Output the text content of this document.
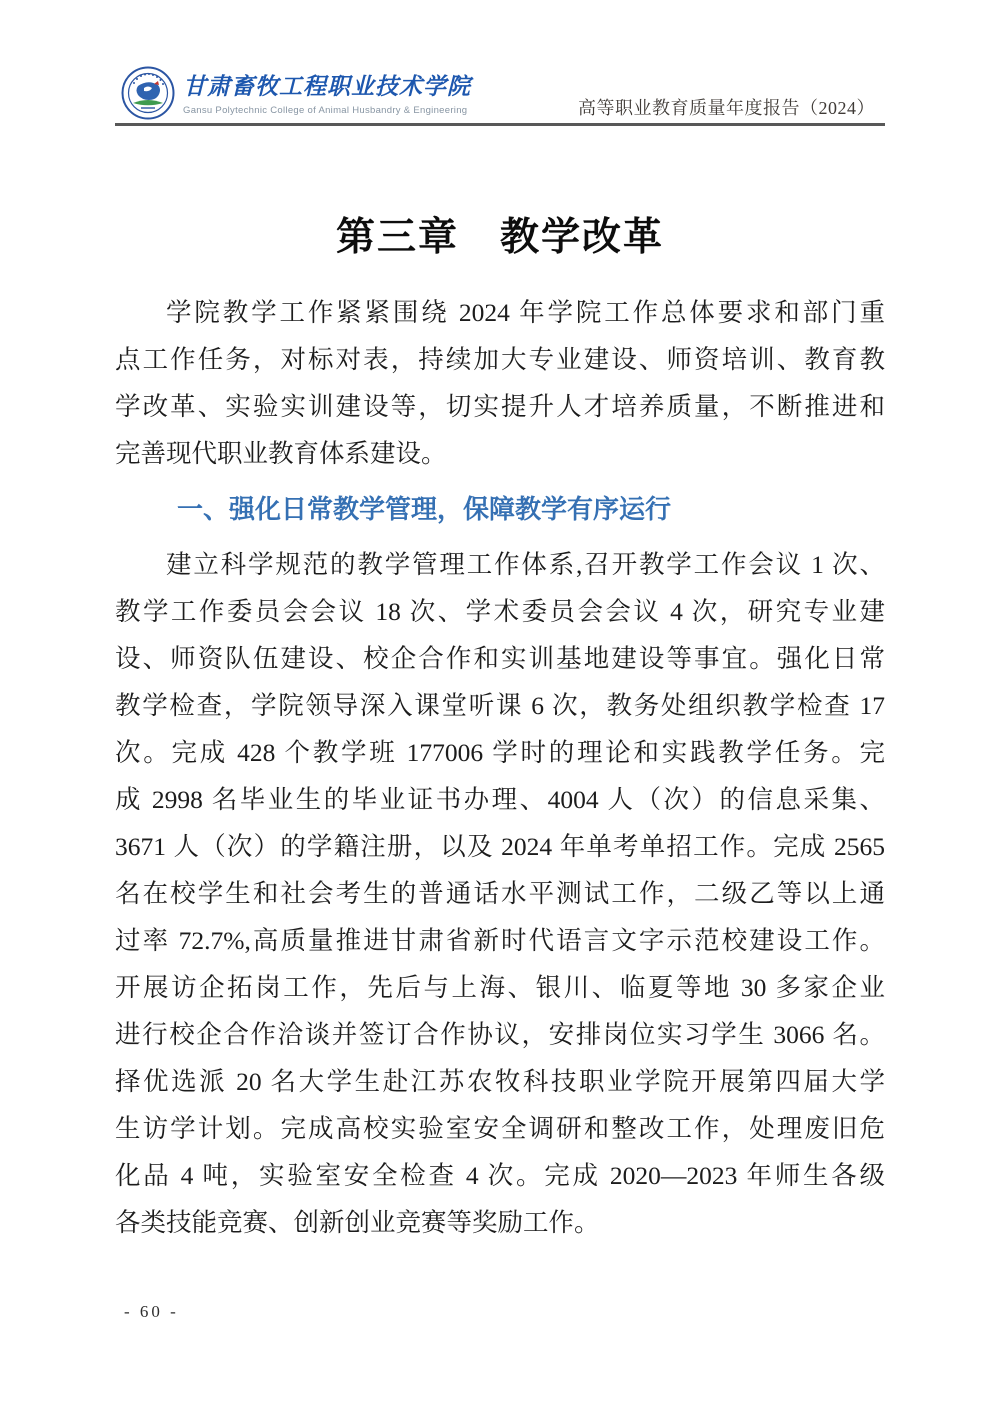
甘肃畜牧工程职业技术学院
Gansu Polytechnic College of Animal Husbandry & Engineering	高等职业教育质量年度报告（2024）
第三章　教学改革
学院教学工作紧紧围绕 2024 年学院工作总体要求和部门重
点工作任务，对标对表，持续加大专业建设、师资培训、教育教
学改革、实验实训建设等，切实提升人才培养质量，不断推进和
完善现代职业教育体系建设。
一、强化日常教学管理，保障教学有序运行
建立科学规范的教学管理工作体系,召开教学工作会议 1 次、
教学工作委员会会议 18 次、学术委员会会议 4 次，研究专业建
设、师资队伍建设、校企合作和实训基地建设等事宜。强化日常
教学检查，学院领导深入课堂听课 6 次，教务处组织教学检查 17
次。完成 428 个教学班 177006 学时的理论和实践教学任务。完
成 2998 名毕业生的毕业证书办理、4004 人（次）的信息采集、
3671 人（次）的学籍注册，以及 2024 年单考单招工作。完成 2565
名在校学生和社会考生的普通话水平测试工作，二级乙等以上通
过率 72.7%,高质量推进甘肃省新时代语言文字示范校建设工作。
开展访企拓岗工作，先后与上海、银川、临夏等地 30 多家企业
进行校企合作洽谈并签订合作协议，安排岗位实习学生 3066 名。
择优选派 20 名大学生赴江苏农牧科技职业学院开展第四届大学
生访学计划。完成高校实验室安全调研和整改工作，处理废旧危
化品 4 吨，实验室安全检查 4 次。完成 2020—2023 年师生各级
各类技能竞赛、创新创业竞赛等奖励工作。
- 60 -
